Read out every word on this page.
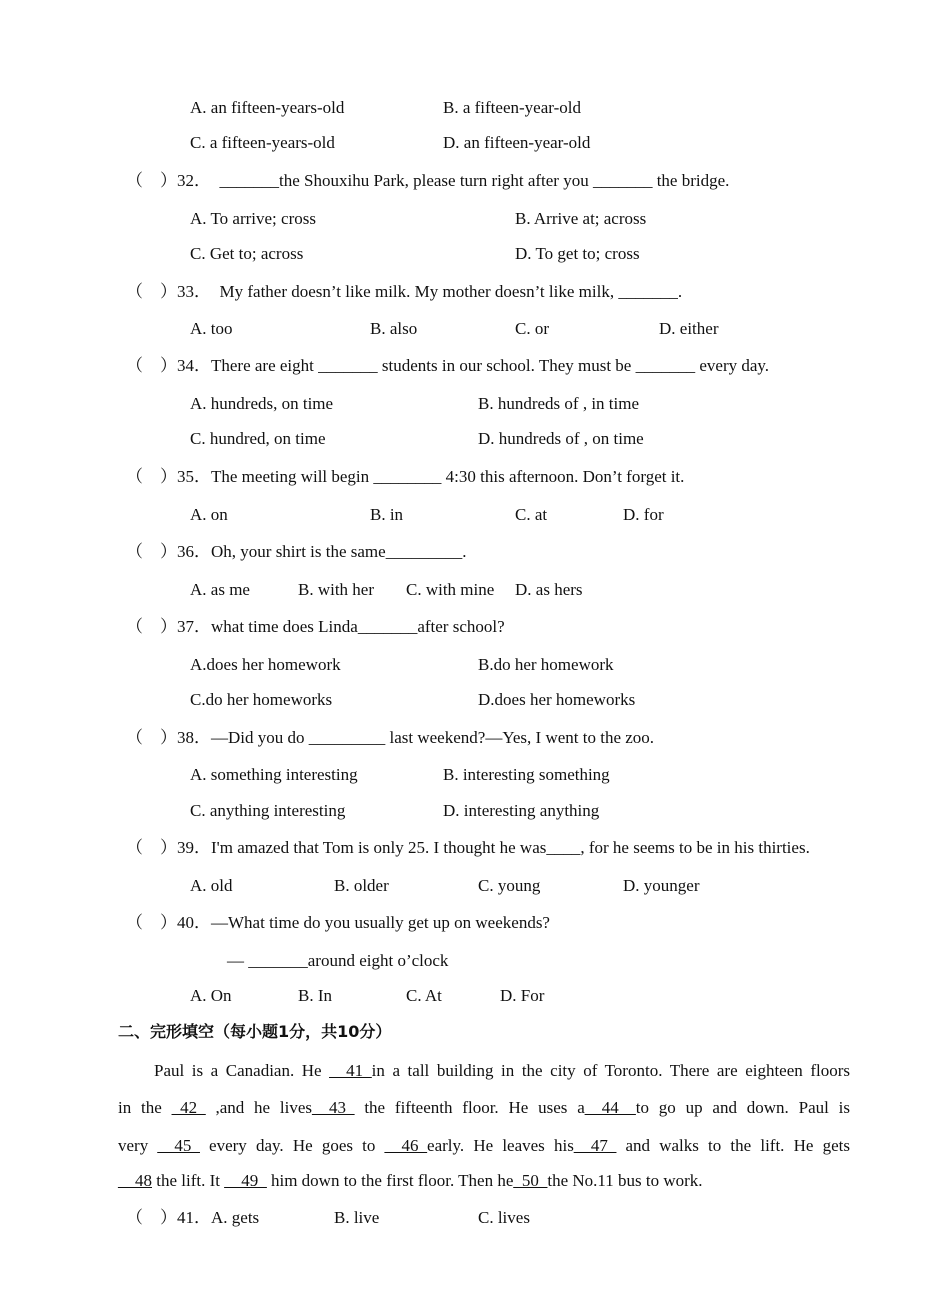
A. an fifteen-years-old	B. a fifteen-year-old
C. a fifteen-years-old	D. an fifteen-year-old
（    ）32．  _______the Shouxihu Park, please turn right after you _______ the bridge.
A. To arrive; cross	B. Arrive at; across
C. Get to; across	D. To get to; cross
（    ）33．  My father doesn’t like milk. My mother doesn’t like milk, _______.
A. too	B. also	C. or	D. either
（    ）34．There are eight _______ students in our school. They must be _______ every day.
A. hundreds, on time	B. hundreds of , in time
C. hundred, on time	D. hundreds of , on time
（    ）35．The meeting will begin ________ 4:30 this afternoon. Don’t forget it.
A. on	B. in	C. at	D. for
（    ）36．Oh, your shirt is the same_________.
A. as me	B. with her C. with mine D. as hers
（    ）37．what time does Linda_______after school?
A.does her homework	B.do her homework
C.do her homeworks	D.does her homeworks
（    ）38．—Did you do _________ last weekend?—Yes, I went to the zoo.
A. something interesting	B. interesting something
C. anything interesting	D. interesting anything
（    ）39．I'm amazed that Tom is only 25. I thought he was____, for he seems to be in his thirties.
A. old	B. older	C. young	D. younger
（    ）40．—What time do you usually get up on weekends?
— _______around eight o’clock
A. On	B. In	C. At	D. For
二、完形填空（每小题1分，共10分）
Paul is a Canadian. He __41_in a tall building in the city of Toronto. There are eighteen floors
in the _42_ ,and he lives__43_ the fifteenth floor. He uses a__44__to go up and down. Paul is
very __45_ every day. He goes to __46_early. He leaves his__47_ and walks to the lift. He gets
__48 the lift. It __49_ him down to the first floor. Then he_50_the No.11 bus to work.
（    ）41．A. gets	B. live	C. lives
